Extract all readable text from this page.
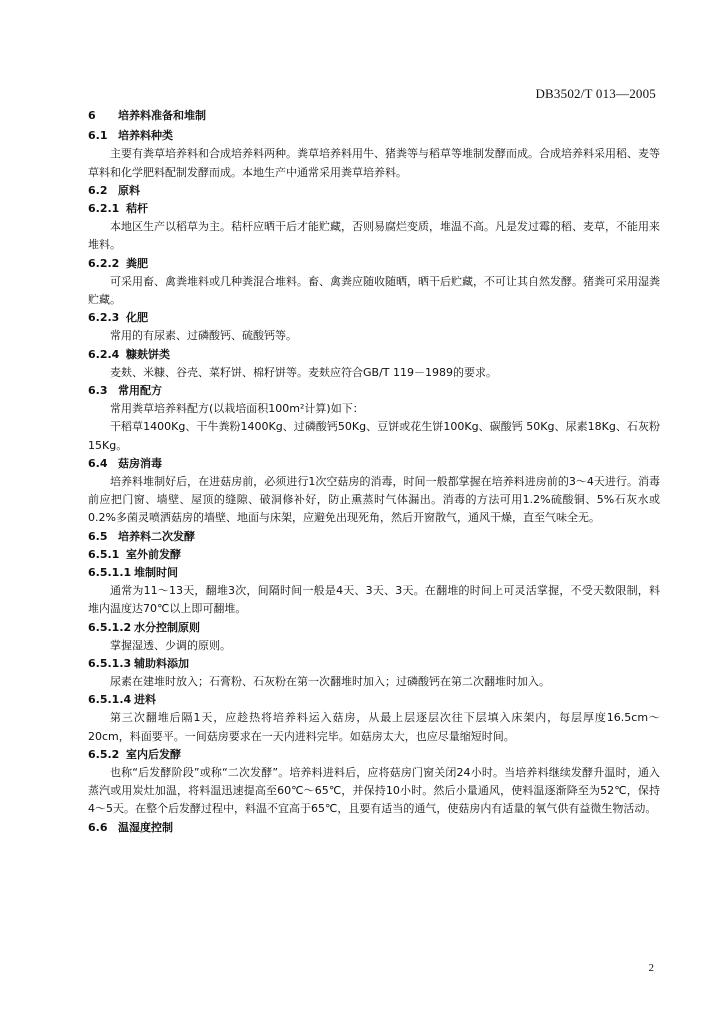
DB3502/T 013—2005
6 培养料准备和堆制
6.1 培养料种类

主要有粪草培养料和合成培养料两种。粪草培养料用牛、猪粪等与稻草等堆制发酵而成。合成培养料采用稻、麦等草料和化学肥料配制发酵而成。本地生产中通常采用粪草培养料。

6.2 原料
6.2.1 秸杆

本地区生产以稻草为主。秸杆应晒干后才能贮藏，否则易腐烂变质，堆温不高。凡是发过霉的稻、麦草，不能用来堆料。

6.2.2 粪肥

可采用畜、禽粪堆料或几种粪混合堆料。畜、禽粪应随收随晒，晒干后贮藏，不可让其自然发酵。猪粪可采用湿粪贮藏。

6.2.3 化肥

常用的有尿素、过磷酸钙、硫酸钙等。

6.2.4 糠麸饼类

麦麸、米糠、谷壳、菜籽饼、棉籽饼等。麦麸应符合GB/T 119－1989的要求。

6.3 常用配方

常用粪草培养料配方(以栽培面积100m²计算)如下：

干稻草1400Kg、干牛粪粉1400Kg、过磷酸钙50Kg、豆饼或花生饼100Kg、碳酸钙 50Kg、尿素18Kg、石灰粉15Kg。

6.4 菇房消毒

培养料堆制好后，在进菇房前，必须进行1次空菇房的消毒，时间一般都掌握在培养料进房前的3～4天进行。消毒前应把门窗、墙壁、屋顶的缝隙、破洞修补好，防止熏蒸时气体漏出。消毒的方法可用1.2%硫酸铜、5%石灰水或0.2%多菌灵喷洒菇房的墙壁、地面与床架，应避免出现死角，然后开窗散气，通风干燥，直至气味全无。

6.5 培养料二次发酵
6.5.1 室外前发酵
6.5.1.1 堆制时间

通常为11～13天，翻堆3次，间隔时间一般是4天、3天、3天。在翻堆的时间上可灵活掌握，不受天数限制，料堆内温度达70℃以上即可翻堆。

6.5.1.2 水分控制原则

掌握湿透、少调的原则。

6.5.1.3 辅助料添加

尿素在建堆时放入；石膏粉、石灰粉在第一次翻堆时加入；过磷酸钙在第二次翻堆时加入。

6.5.1.4 进料

第三次翻堆后隔1天，应趁热将培养料运入菇房，从最上层逐层次往下层填入床架内，每层厚度16.5cm～20cm，料面要平。一间菇房要求在一天内进料完毕。如菇房太大，也应尽量缩短时间。

6.5.2 室内后发酵

也称“后发酵阶段”或称“二次发酵”。培养料进料后，应将菇房门窗关闭24小时。当培养料继续发酵升温时，通入蒸汽或用炭灶加温，将料温迅速提高至60℃～65℃，并保持10小时。然后小量通风，使料温逐渐降至为52℃，保持4～5天。在整个后发酵过程中，料温不宜高于65℃，且要有适当的通气，使菇房内有适量的氧气供有益微生物活动。

6.6 温湿度控制
2
